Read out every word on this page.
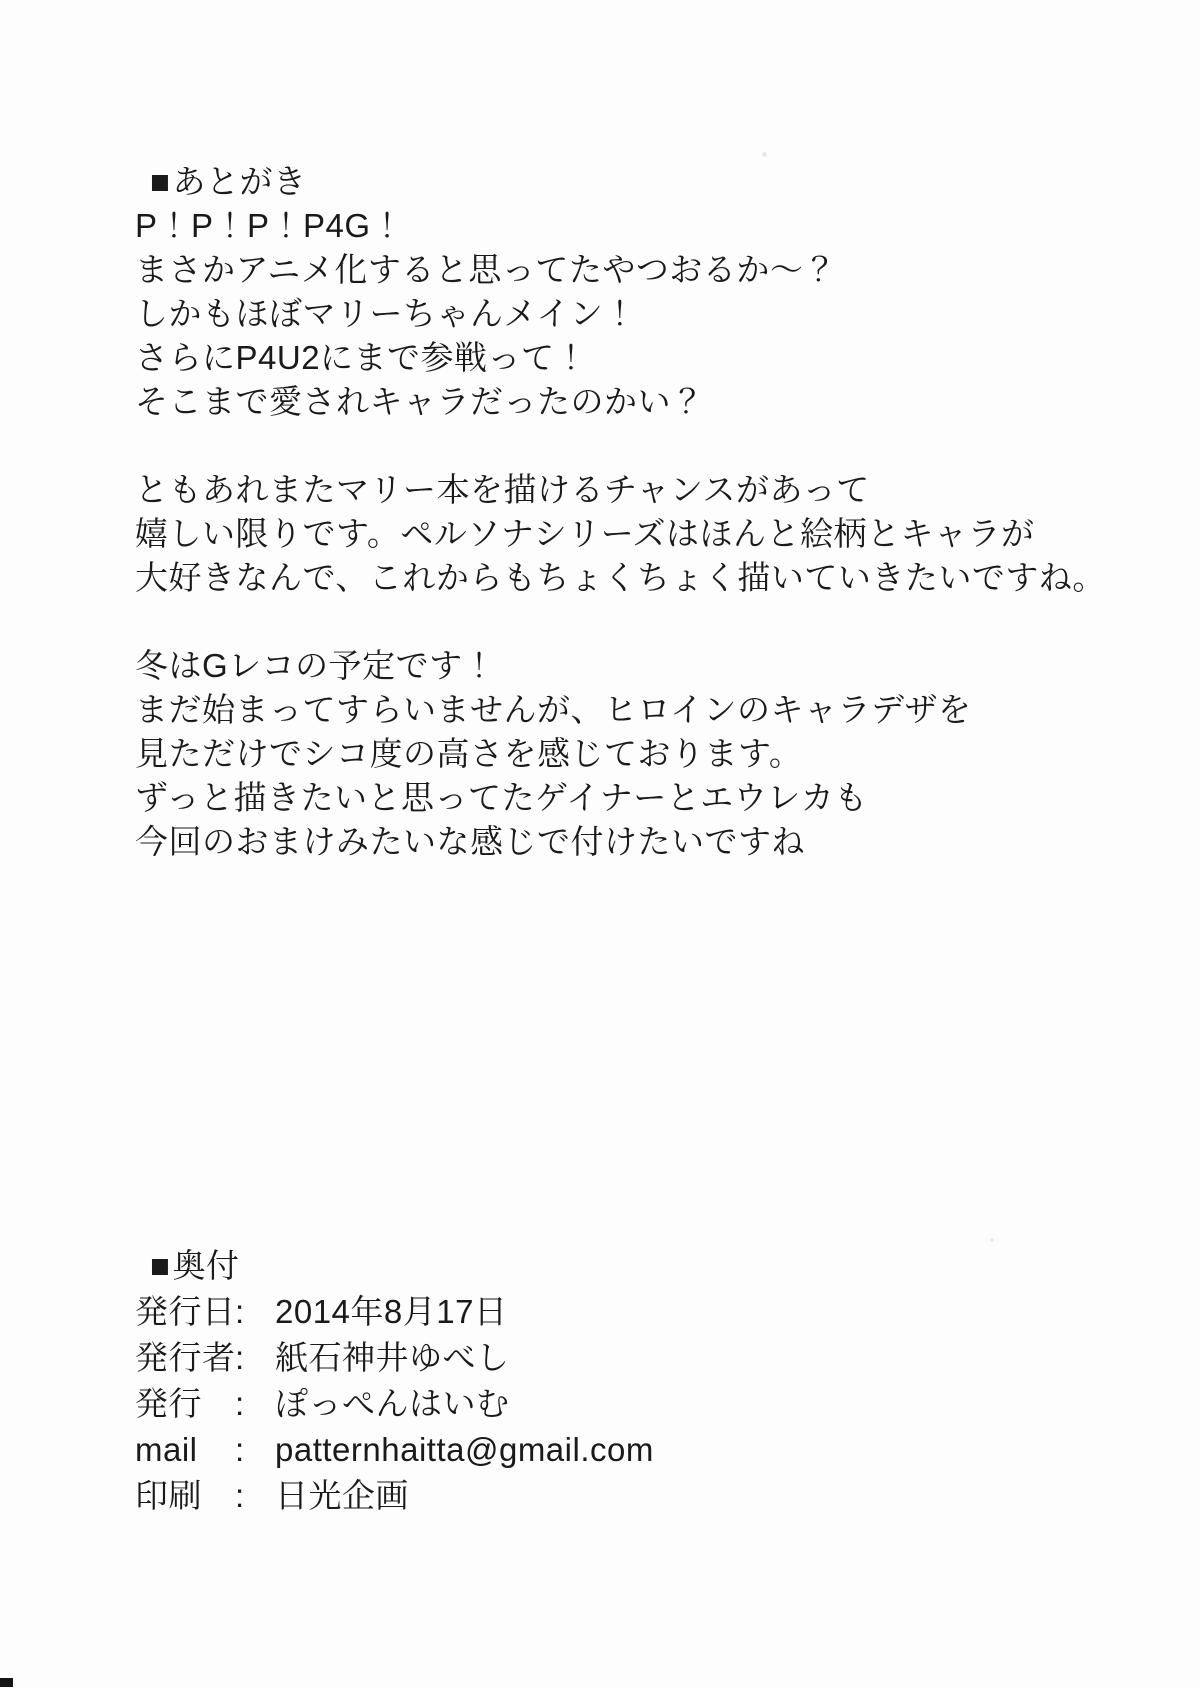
■あとがき
P！P！P！P4G！
まさかアニメ化すると思ってたやつおるか～？
しかもほぼマリーちゃんメイン！
さらにP4U2にまで参戦って！
そこまで愛されキャラだったのかい？
ともあれまたマリー本を描けるチャンスがあって
嬉しい限りです。ペルソナシリーズはほんと絵柄とキャラが
大好きなんで、これからもちょくちょく描いていきたいですね。
冬はGレコの予定です！
まだ始まってすらいませんが、ヒロインのキャラデザを
見ただけでシコ度の高さを感じております。
ずっと描きたいと思ってたゲイナーとエウレカも
今回のおまけみたいな感じで付けたいですね
■奥付
発行日 : 2014年8月17日
発行者 : 紙石神井ゆべし
発行	: ぽっぺんはいむ
mail	: patternhaitta@gmail.com
印刷	: 日光企画
